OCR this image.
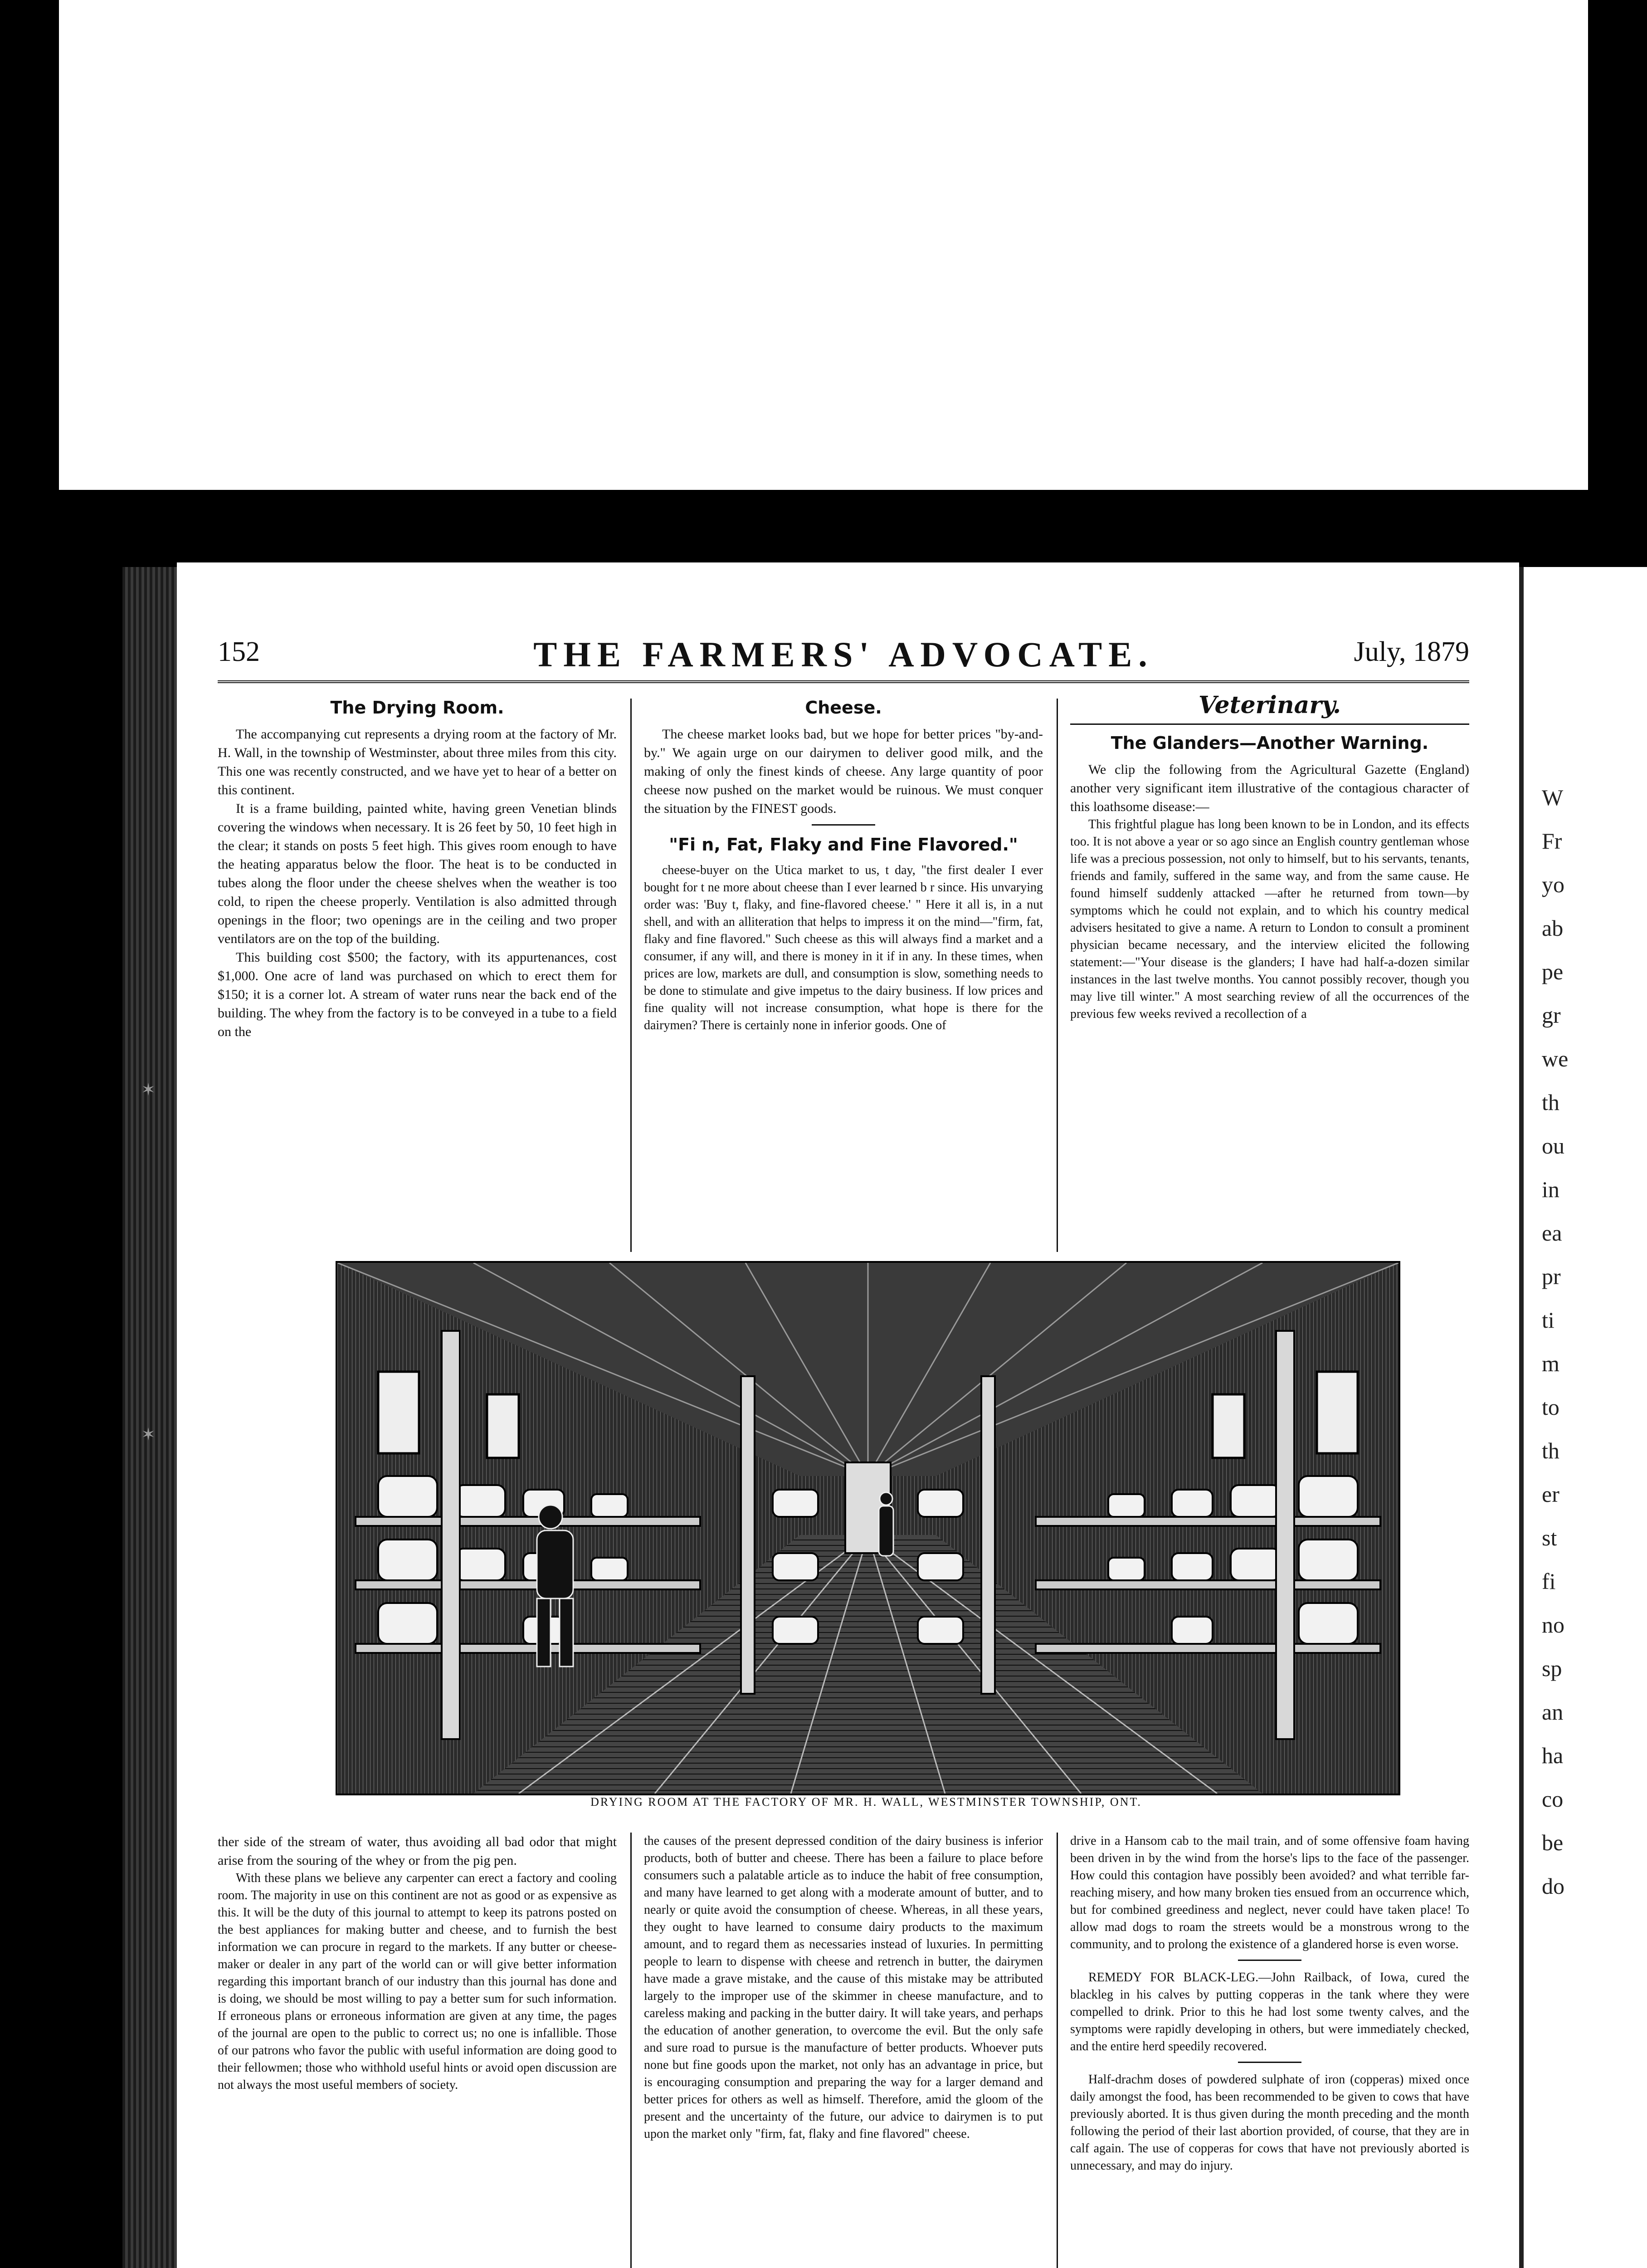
✶
✶
W
Fr
yo
ab
pe
gr
we
th
ou
in
ea
pr
ti
m
to
th
er
st
fi
no
sp
an
ha
co
be
do
152	THE FARMERS' ADVOCATE.	July, 1879
The Drying Room.

The accompanying cut represents a drying room at the factory of Mr. H. Wall, in the township of Westminster, about three miles from this city. This one was recently constructed, and we have yet to hear of a better on this continent.

It is a frame building, painted white, having green Venetian blinds covering the windows when necessary. It is 26 feet by 50, 10 feet high in the clear; it stands on posts 5 feet high. This gives room enough to have the heating apparatus below the floor. The heat is to be conducted in tubes along the floor under the cheese shelves when the weather is too cold, to ripen the cheese properly. Ventilation is also admitted through openings in the floor; two openings are in the ceiling and two proper ventilators are on the top of the building.

This building cost $500; the factory, with its appurtenances, cost $1,000. One acre of land was purchased on which to erect them for $150; it is a corner lot. A stream of water runs near the back end of the building. The whey from the factory is to be conveyed in a tube to a field on the

Cheese.

The cheese market looks bad, but we hope for better prices "by-and-by." We again urge on our dairymen to deliver good milk, and the making of only the finest kinds of cheese. Any large quantity of poor cheese now pushed on the market would be ruinous. We must conquer the situation by the FINEST goods.

"Fi n, Fat, Flaky and Fine Flavored."

cheese-buyer on the Utica market to us, t day, "the first dealer I ever bought for t ne more about cheese than I ever learned b r since. His unvarying order was: 'Buy t, flaky, and fine-flavored cheese.' " Here it all is, in a nut shell, and with an alliteration that helps to impress it on the mind—"firm, fat, flaky and fine flavored." Such cheese as this will always find a market and a consumer, if any will, and there is money in it if in any. In these times, when prices are low, markets are dull, and consumption is slow, something needs to be done to stimulate and give impetus to the dairy business. If low prices and fine quality will not increase consumption, what hope is there for the dairymen? There is certainly none in inferior goods. One of

Veterinary.
The Glanders—Another Warning.

We clip the following from the Agricultural Gazette (England) another very significant item illustrative of the contagious character of this loathsome disease:—

This frightful plague has long been known to be in London, and its effects too. It is not above a year or so ago since an English country gentleman whose life was a precious possession, not only to himself, but to his servants, tenants, friends and family, suffered in the same way, and from the same cause. He found himself suddenly attacked —after he returned from town—by symptoms which he could not explain, and to which his country medical advisers hesitated to give a name. A return to London to consult a prominent physician became necessary, and the interview elicited the following statement:—"Your disease is the glanders; I have had half-a-dozen similar instances in the last twelve months. You cannot possibly recover, though you may live till winter." A most searching review of all the occurrences of the previous few weeks revived a recollection of a

ther side of the stream of water, thus avoiding all bad odor that might arise from the souring of the whey or from the pig pen.

With these plans we believe any carpenter can erect a factory and cooling room. The majority in use on this continent are not as good or as expensive as this. It will be the duty of this journal to attempt to keep its patrons posted on the best appliances for making butter and cheese, and to furnish the best information we can procure in regard to the markets. If any butter or cheese-maker or dealer in any part of the world can or will give better information regarding this important branch of our industry than this journal has done and is doing, we should be most willing to pay a better sum for such information. If erroneous plans or erroneous information are given at any time, the pages of the journal are open to the public to correct us; no one is infallible. Those of our patrons who favor the public with useful information are doing good to their fellowmen; those who withhold useful hints or avoid open discussion are not always the most useful members of society.

the causes of the present depressed condition of the dairy business is inferior products, both of butter and cheese. There has been a failure to place before consumers such a palatable article as to induce the habit of free consumption, and many have learned to get along with a moderate amount of butter, and to nearly or quite avoid the consumption of cheese. Whereas, in all these years, they ought to have learned to consume dairy products to the maximum amount, and to regard them as necessaries instead of luxuries. In permitting people to learn to dispense with cheese and retrench in butter, the dairymen have made a grave mistake, and the cause of this mistake may be attributed largely to the improper use of the skimmer in cheese manufacture, and to careless making and packing in the butter dairy. It will take years, and perhaps the education of another generation, to overcome the evil. But the only safe and sure road to pursue is the manufacture of better products. Whoever puts none but fine goods upon the market, not only has an advantage in price, but is encouraging consumption and preparing the way for a larger demand and better prices for others as well as himself. Therefore, amid the gloom of the present and the uncertainty of the future, our advice to dairymen is to put upon the market only "firm, fat, flaky and fine flavored" cheese.

drive in a Hansom cab to the mail train, and of some offensive foam having been driven in by the wind from the horse's lips to the face of the passenger. How could this contagion have possibly been avoided? and what terrible far-reaching misery, and how many broken ties ensued from an occurrence which, but for combined greediness and neglect, never could have taken place! To allow mad dogs to roam the streets would be a monstrous wrong to the community, and to prolong the existence of a glandered horse is even worse.

REMEDY FOR BLACK-LEG.—John Railback, of Iowa, cured the blackleg in his calves by putting copperas in the tank where they were compelled to drink. Prior to this he had lost some twenty calves, and the symptoms were rapidly developing in others, but were immediately checked, and the entire herd speedily recovered.

Half-drachm doses of powdered sulphate of iron (copperas) mixed once daily amongst the food, has been recommended to be given to cows that have previously aborted. It is thus given during the month preceding and the month following the period of their last abortion provided, of course, that they are in calf again. The use of copperas for cows that have not previously aborted is unnecessary, and may do injury.

DRYING ROOM AT THE FACTORY OF MR. H. WALL, WESTMINSTER TOWNSHIP, ONT.
